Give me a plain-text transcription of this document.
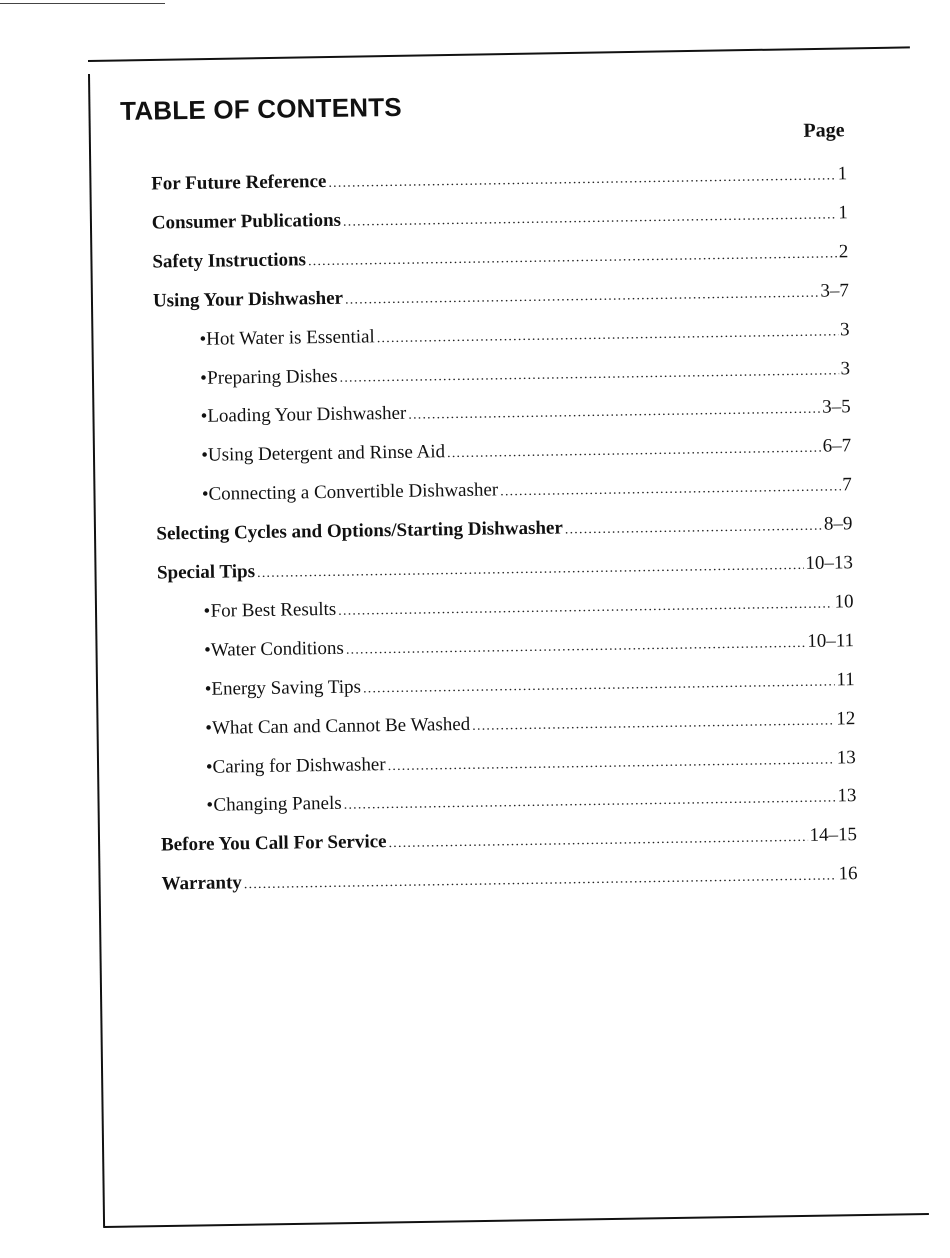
TABLE OF CONTENTS
Page
For Future Reference .....	1
Consumer Publications .....	1
Safety Instructions .....	2
Using Your Dishwasher .....	3–7
• Hot Water is Essential .....	3
• Preparing Dishes .....	3
• Loading Your Dishwasher .....	3–5
• Using Detergent and Rinse Aid .....	6–7
• Connecting a Convertible Dishwasher .....	7
Selecting Cycles and Options/Starting Dishwasher .....	8–9
Special Tips .....	10–13
• For Best Results .....	10
• Water Conditions .....	10–11
• Energy Saving Tips .....	11
• What Can and Cannot Be Washed .....	12
• Caring for Dishwasher .....	13
• Changing Panels .....	13
Before You Call For Service .....	14–15
Warranty .....	16
